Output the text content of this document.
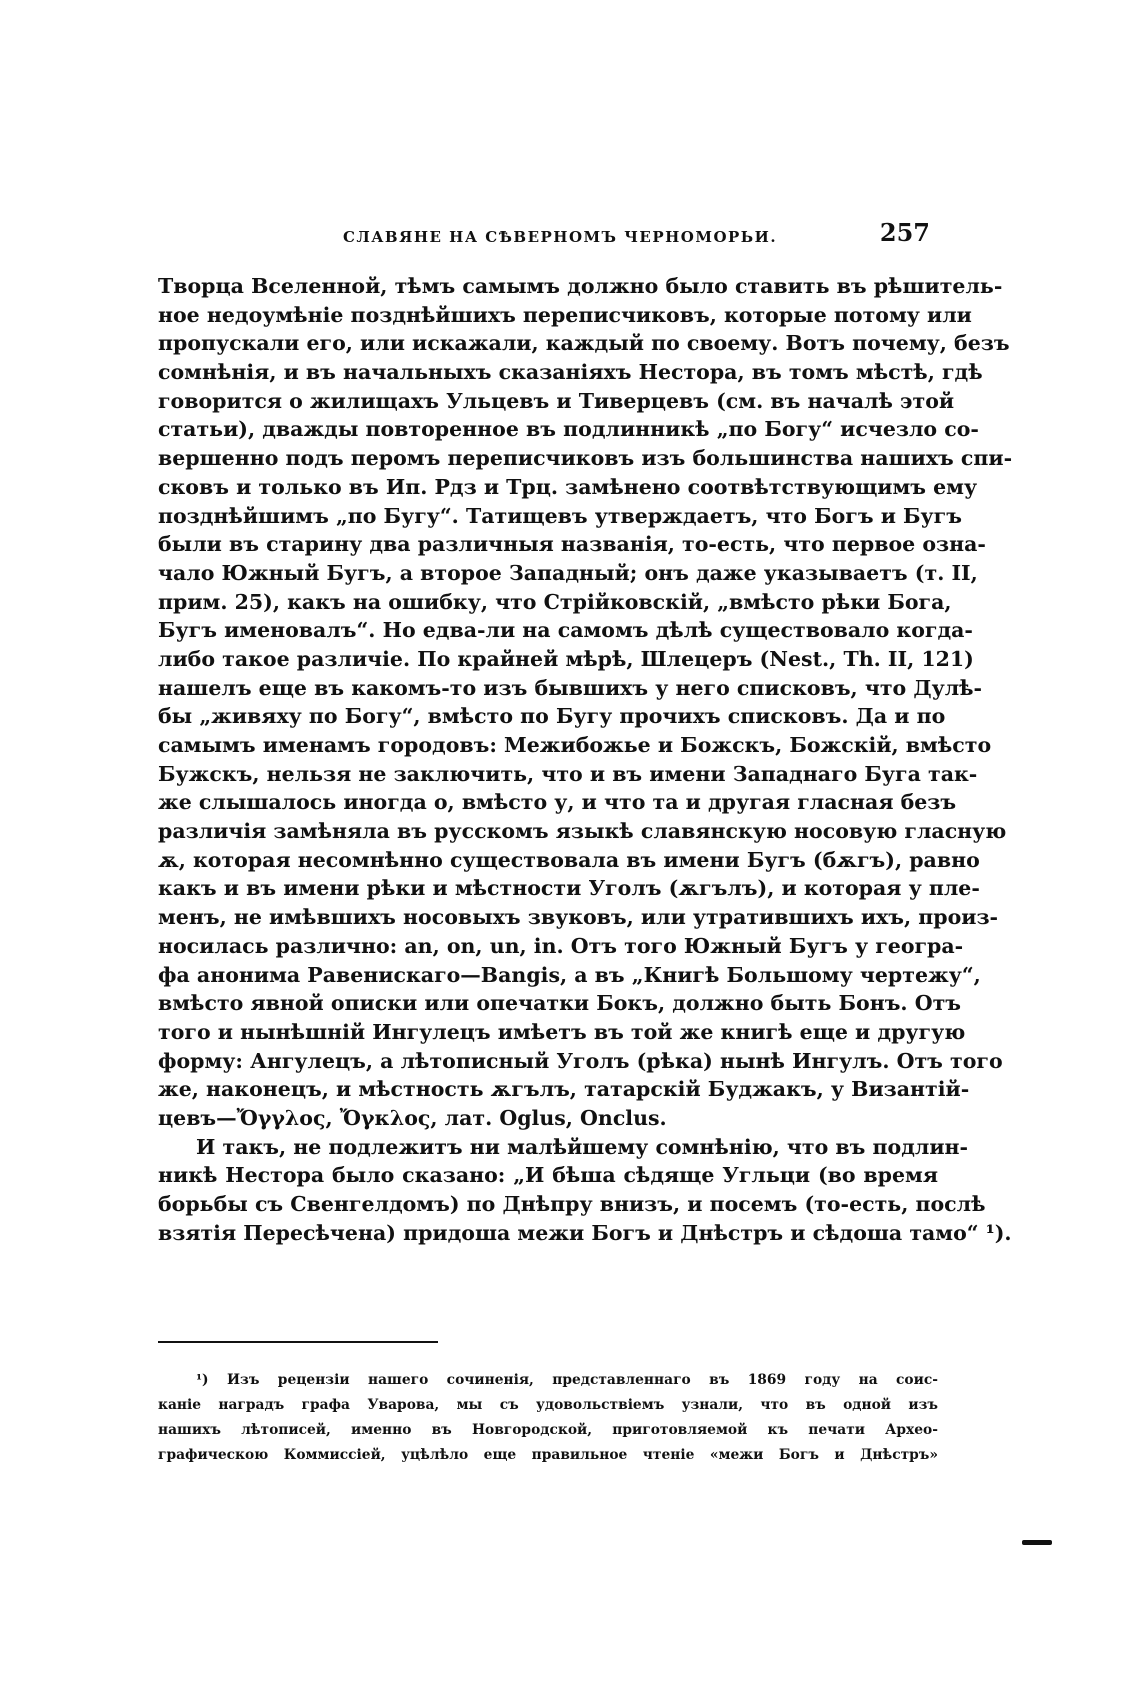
СЛАВЯНЕ НА СѢВЕРНОМЪ ЧЕРНОМОРЬИ.	257
Творца Вселенной, тѣмъ самымъ должно было ставить въ рѣшитель-
ное недоумѣніе позднѣйшихъ переписчиковъ, которые потому или
пропускали его, или искажали, каждый по своему. Вотъ почему, безъ
сомнѣнія, и въ начальныхъ сказаніяхъ Нестора, въ томъ мѣстѣ, гдѣ
говорится о жилищахъ Ульцевъ и Тиверцевъ (см. въ началѣ этой
статьи), дважды повторенное въ подлинникѣ „по Богу“ исчезло со-
вершенно подъ перомъ переписчиковъ изъ большинства нашихъ спи-
сковъ и только въ Ип. Рдз и Трц. замѣнено соотвѣтствующимъ ему
позднѣйшимъ „по Бугу“. Татищевъ утверждаетъ, что Богъ и Бугъ
были въ старину два различныя названія, то-есть, что первое озна-
чало Южный Бугъ, а второе Западный; онъ даже указываетъ (т. II,
прим. 25), какъ на ошибку, что Стрійковскій, „вмѣсто рѣки Бога,
Бугъ именовалъ“. Но едва-ли на самомъ дѣлѣ существовало когда-
либо такое различіе. По крайней мѣрѣ, Шлецеръ (Nest., Th. II, 121)
нашелъ еще въ какомъ-то изъ бывшихъ у него списковъ, что Дулѣ-
бы „живяху по Богу“, вмѣсто по Бугу прочихъ списковъ. Да и по
самымъ именамъ городовъ: Межибожье и Божскъ, Божскій, вмѣсто
Бужскъ, нельзя не заключить, что и въ имени Западнаго Буга так-
же слышалось иногда о, вмѣсто у, и что та и другая гласная безъ
различія замѣняла въ русскомъ языкѣ славянскую носовую гласную
ѫ, которая несомнѣнно существовала въ имени Бугъ (бѫгъ), равно
какъ и въ имени рѣки и мѣстности Уголъ (ѫгълъ), и которая у пле-
менъ, не имѣвшихъ носовыхъ звуковъ, или утратившихъ ихъ, произ-
носилась различно: an, on, un, in. Отъ того Южный Бугъ у геогра-
фа анонима Равенискаго—Bangis, а въ „Книгѣ Большому чертежу“,
вмѣсто явной описки или опечатки Бокъ, должно быть Бонъ. Отъ
того и нынѣшній Ингулецъ имѣетъ въ той же книгѣ еще и другую
форму: Ангулецъ, а лѣтописный Уголъ (рѣка) нынѣ Ингулъ. Отъ того
же, наконецъ, и мѣстность ѫгълъ, татарскій Буджакъ, у Византій-
цевъ—Ὄγγλος, Ὄγκλος, лат. Oglus, Onclus.
И такъ, не подлежитъ ни малѣйшему сомнѣнію, что въ подлин-
никѣ Нестора было сказано: „И бѣша сѣдяще Угльци (во время
борьбы съ Свенгелдомъ) по Днѣпру внизъ, и посемъ (то-есть, послѣ
взятія Пересѣчена) придоша межи Богъ и Днѣстръ и сѣдоша тамо“ ¹).
¹) Изъ рецензіи нашего сочиненія, представленнаго въ 1869 году на соис-
каніе наградъ графа Уварова, мы съ удовольствіемъ узнали, что въ одной изъ
нашихъ лѣтописей, именно въ Новгородской, приготовляемой къ печати Археo-
графическою Коммиссіей, уцѣлѣло еще правильное чтеніе «межи Богъ и Днѣстръ»
